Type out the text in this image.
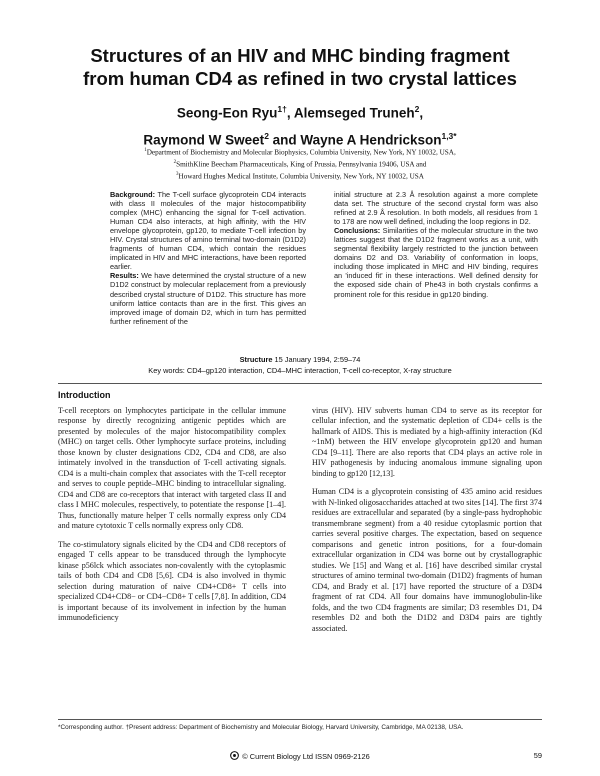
Structures of an HIV and MHC binding fragment
from human CD4 as refined in two crystal lattices
Seong-Eon Ryu$^{1\dagger}$, Alemseged Truneh$^2$,
Raymond W Sweet$^2$ and Wayne A Hendrickson$^{1,3*}$
$^1$Department of Biochemistry and Molecular Biophysics, Columbia University, New York, NY 10032, USA,
$^2$SmithKline Beecham Pharmaceuticals, King of Prussia, Pennsylvania 19406, USA and
$^3$Howard Hughes Medical Institute, Columbia University, New York, NY 10032, USA

Background: The T-cell surface glycoprotein CD4 interacts with class II molecules of the major histocompatibility complex (MHC) enhancing the signal for T-cell activation. Human CD4 also interacts, at high affinity, with the HIV envelope glycoprotein, gp120, to mediate T-cell infection by HIV. Crystal structures of amino terminal two-domain (D1D2) fragments of human CD4, which contain the residues implicated in HIV and MHC interactions, have been reported earlier.

Results: We have determined the crystal structure of a new D1D2 construct by molecular replacement from a previously described crystal structure of D1D2. This structure has more uniform lattice contacts than are in the first. This gives an improved image of domain D2, which in turn has permitted further refinement of the

initial structure at 2.3 Å resolution against a more complete data set. The structure of the second crystal form was also refined at 2.9 Å resolution. In both models, all residues from 1 to 178 are now well defined, including the loop regions in D2.

Conclusions: Similarities of the molecular structure in the two lattices suggest that the D1D2 fragment works as a unit, with segmental flexibility largely restricted to the junction between domains D2 and D3. Variability of conformation in loops, including those implicated in MHC and HIV binding, requires an 'induced fit' in these interactions. Well defined density for the exposed side chain of Phe43 in both crystals confirms a prominent role for this residue in gp120 binding.

Structure 15 January 1994, 2:59–74
Key words: CD4–gp120 interaction, CD4–MHC interaction, T-cell co-receptor, X-ray structure
Introduction

T-cell receptors on lymphocytes participate in the cellular immune response by directly recognizing antigenic peptides which are presented by molecules of the major histocompatibility complex (MHC) on target cells. Other lymphocyte surface proteins, including those known by cluster designations CD2, CD4 and CD8, are also intimately involved in the transduction of T-cell activating signals. CD4 is a multi-chain complex that associates with the T-cell receptor and serves to couple peptide–MHC binding to intracellular signaling. CD4 and CD8 are co-receptors that interact with targeted class II and class I MHC molecules, respectively, to potentiate the response [1–4]. Thus, functionally mature helper T cells normally express only CD4 and mature cytotoxic T cells normally express only CD8.

The co-stimulatory signals elicited by the CD4 and CD8 receptors of engaged T cells appear to be transduced through the lymphocyte kinase p56lck which associates non-covalently with the cytoplasmic tails of both CD4 and CD8 [5,6]. CD4 is also involved in thymic selection during maturation of naive CD4+CD8+ T cells into specialized CD4+CD8− or CD4−CD8+ T cells [7,8]. In addition, CD4 is important because of its involvement in infection by the human immunodeficiency

virus (HIV). HIV subverts human CD4 to serve as its receptor for cellular infection, and the systematic depletion of CD4+ cells is the hallmark of AIDS. This is mediated by a high-affinity interaction (Kd ~1nM) between the HIV envelope glycoprotein gp120 and human CD4 [9–11]. There are also reports that CD4 plays an active role in HIV pathogenesis by inducing anomalous immune signaling upon binding to gp120 [12,13].

Human CD4 is a glycoprotein consisting of 435 amino acid residues with N-linked oligosaccharides attached at two sites [14]. The first 374 residues are extracellular and separated (by a single-pass hydrophobic transmembrane segment) from a 40 residue cytoplasmic portion that carries several positive charges. The expectation, based on sequence comparisons and genetic intron positions, for a four-domain extracellular organization in CD4 was borne out by crystallographic studies. We [15] and Wang et al. [16] have described similar crystal structures of amino terminal two-domain (D1D2) fragments of human CD4, and Brady et al. [17] have reported the structure of a D3D4 fragment of rat CD4. All four domains have immunoglobulin-like folds, and the two CD4 fragments are similar; D3 resembles D1, D4 resembles D2 and both the D1D2 and D3D4 pairs are tightly associated.

*Corresponding author. †Present address: Department of Biochemistry and Molecular Biology, Harvard University, Cambridge, MA 02138, USA.
© Current Biology Ltd ISSN 0969-2126	59
